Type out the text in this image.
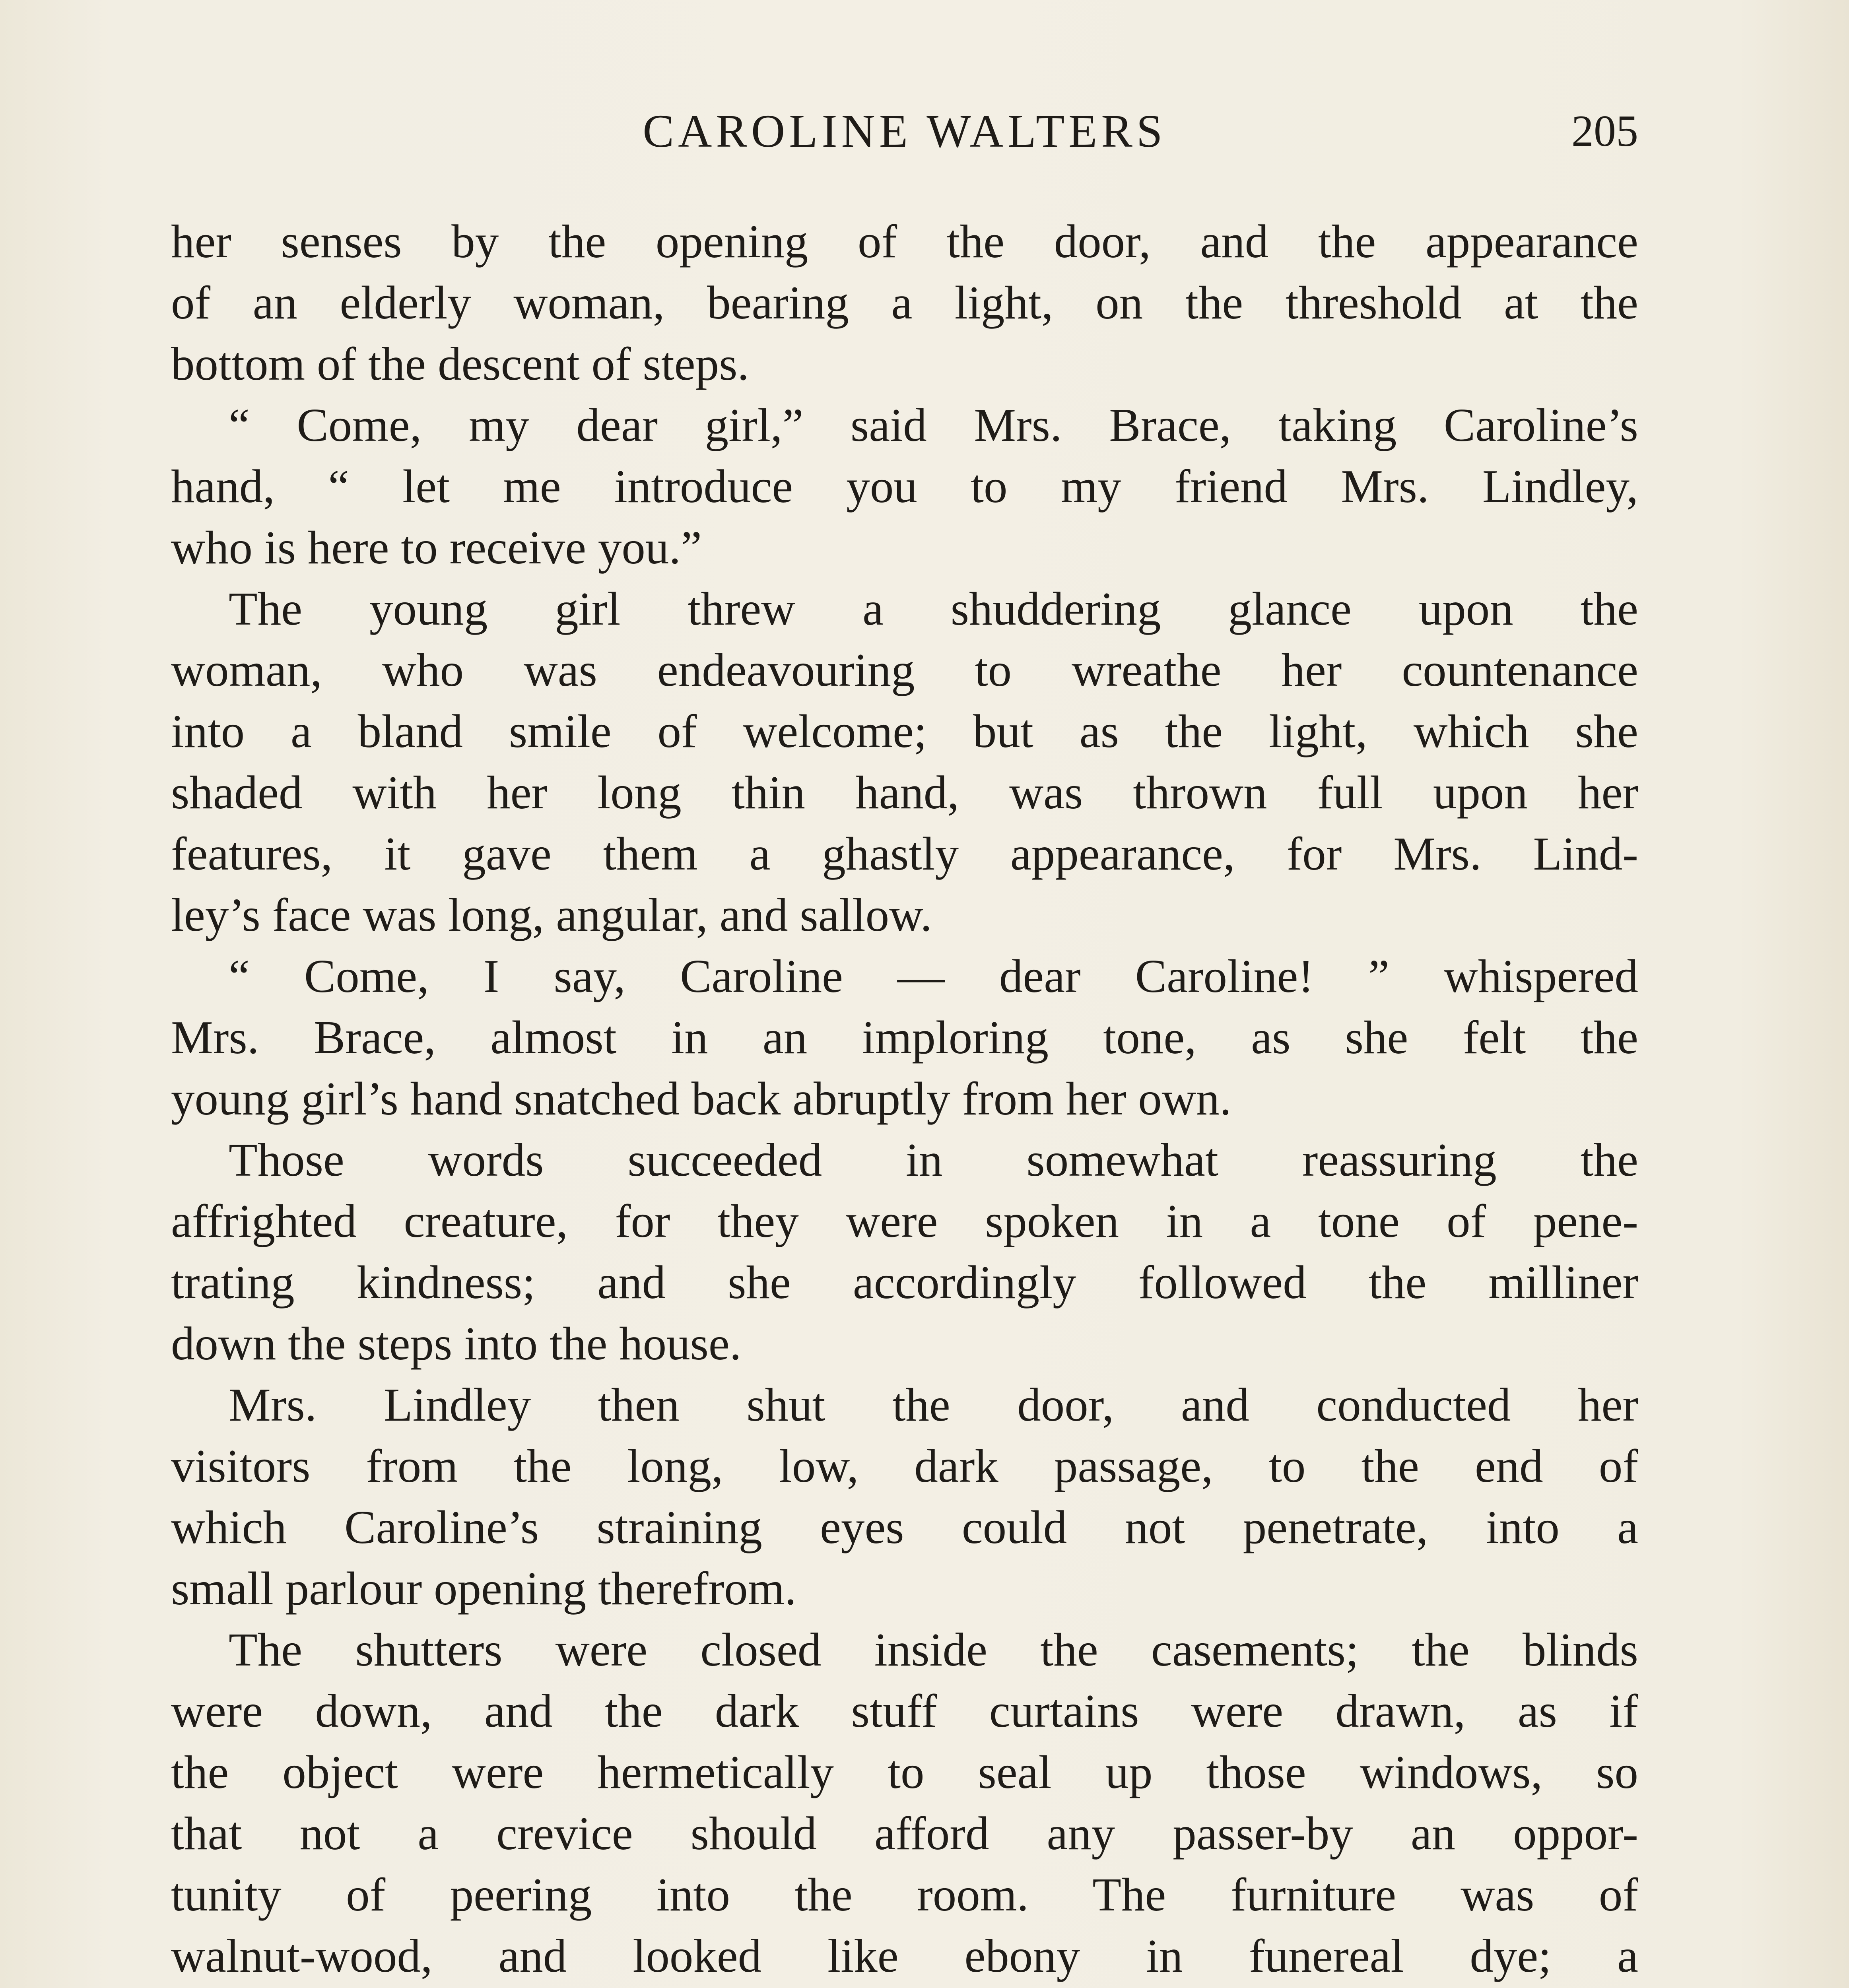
CAROLINE WALTERS	205
her senses by the opening of the door, and the appearance
of an elderly woman, bearing a light, on the threshold at the
bottom of the descent of steps.
“ Come, my dear girl,” said Mrs. Brace, taking Caroline’s
hand, “ let me introduce you to my friend Mrs. Lindley,
who is here to receive you.”
The young girl threw a shuddering glance upon the
woman, who was endeavouring to wreathe her countenance
into a bland smile of welcome; but as the light, which she
shaded with her long thin hand, was thrown full upon her
features, it gave them a ghastly appearance, for Mrs. Lind-
ley’s face was long, angular, and sallow.
“ Come, I say, Caroline — dear Caroline! ” whispered
Mrs. Brace, almost in an imploring tone, as she felt the
young girl’s hand snatched back abruptly from her own.
Those words succeeded in somewhat reassuring the
affrighted creature, for they were spoken in a tone of pene-
trating kindness; and she accordingly followed the milliner
down the steps into the house.
Mrs. Lindley then shut the door, and conducted her
visitors from the long, low, dark passage, to the end of
which Caroline’s straining eyes could not penetrate, into a
small parlour opening therefrom.
The shutters were closed inside the casements; the blinds
were down, and the dark stuff curtains were drawn, as if
the object were hermetically to seal up those windows, so
that not a crevice should afford any passer-by an oppor-
tunity of peering into the room. The furniture was of
walnut-wood, and looked like ebony in funereal dye; a
